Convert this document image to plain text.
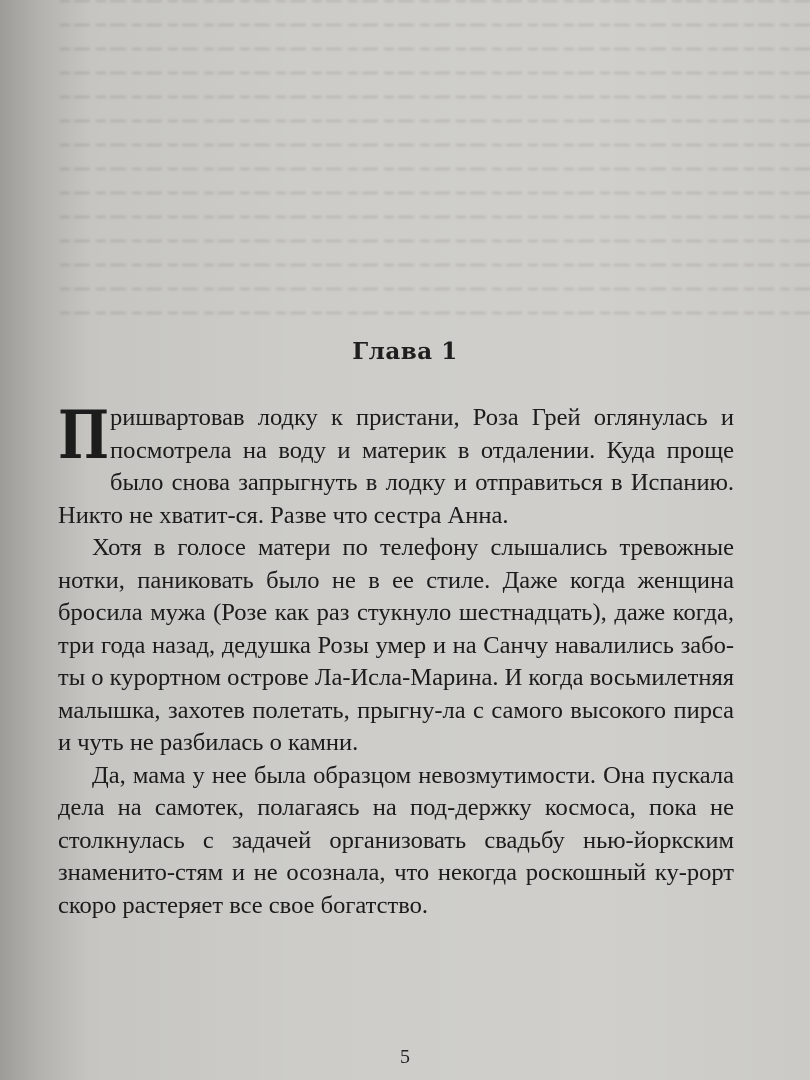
Глава 1

Пришвартовав лодку к пристани, Роза Грей оглянулась и посмотрела на воду и материк в отдалении. Куда проще было снова запрыгнуть в лодку и отправиться в Испанию. Никто не хватит-ся. Разве что сестра Анна.

Хотя в голосе матери по телефону слышались тревожные нотки, паниковать было не в ее стиле. Даже когда женщина бросила мужа (Розе как раз стукнуло шестнадцать), даже когда, три года назад, дедушка Розы умер и на Санчу навалились забо-ты о курортном острове Ла-Исла-Марина. И когда восьмилетняя малышка, захотев полетать, прыгну-ла с самого высокого пирса и чуть не разбилась о камни.

Да, мама у нее была образцом невозмутимости. Она пускала дела на самотек, полагаясь на под-держку космоса, пока не столкнулась с задачей организовать свадьбу нью-йоркским знаменито-стям и не осознала, что некогда роскошный ку-рорт скоро растеряет все свое богатство.

5
